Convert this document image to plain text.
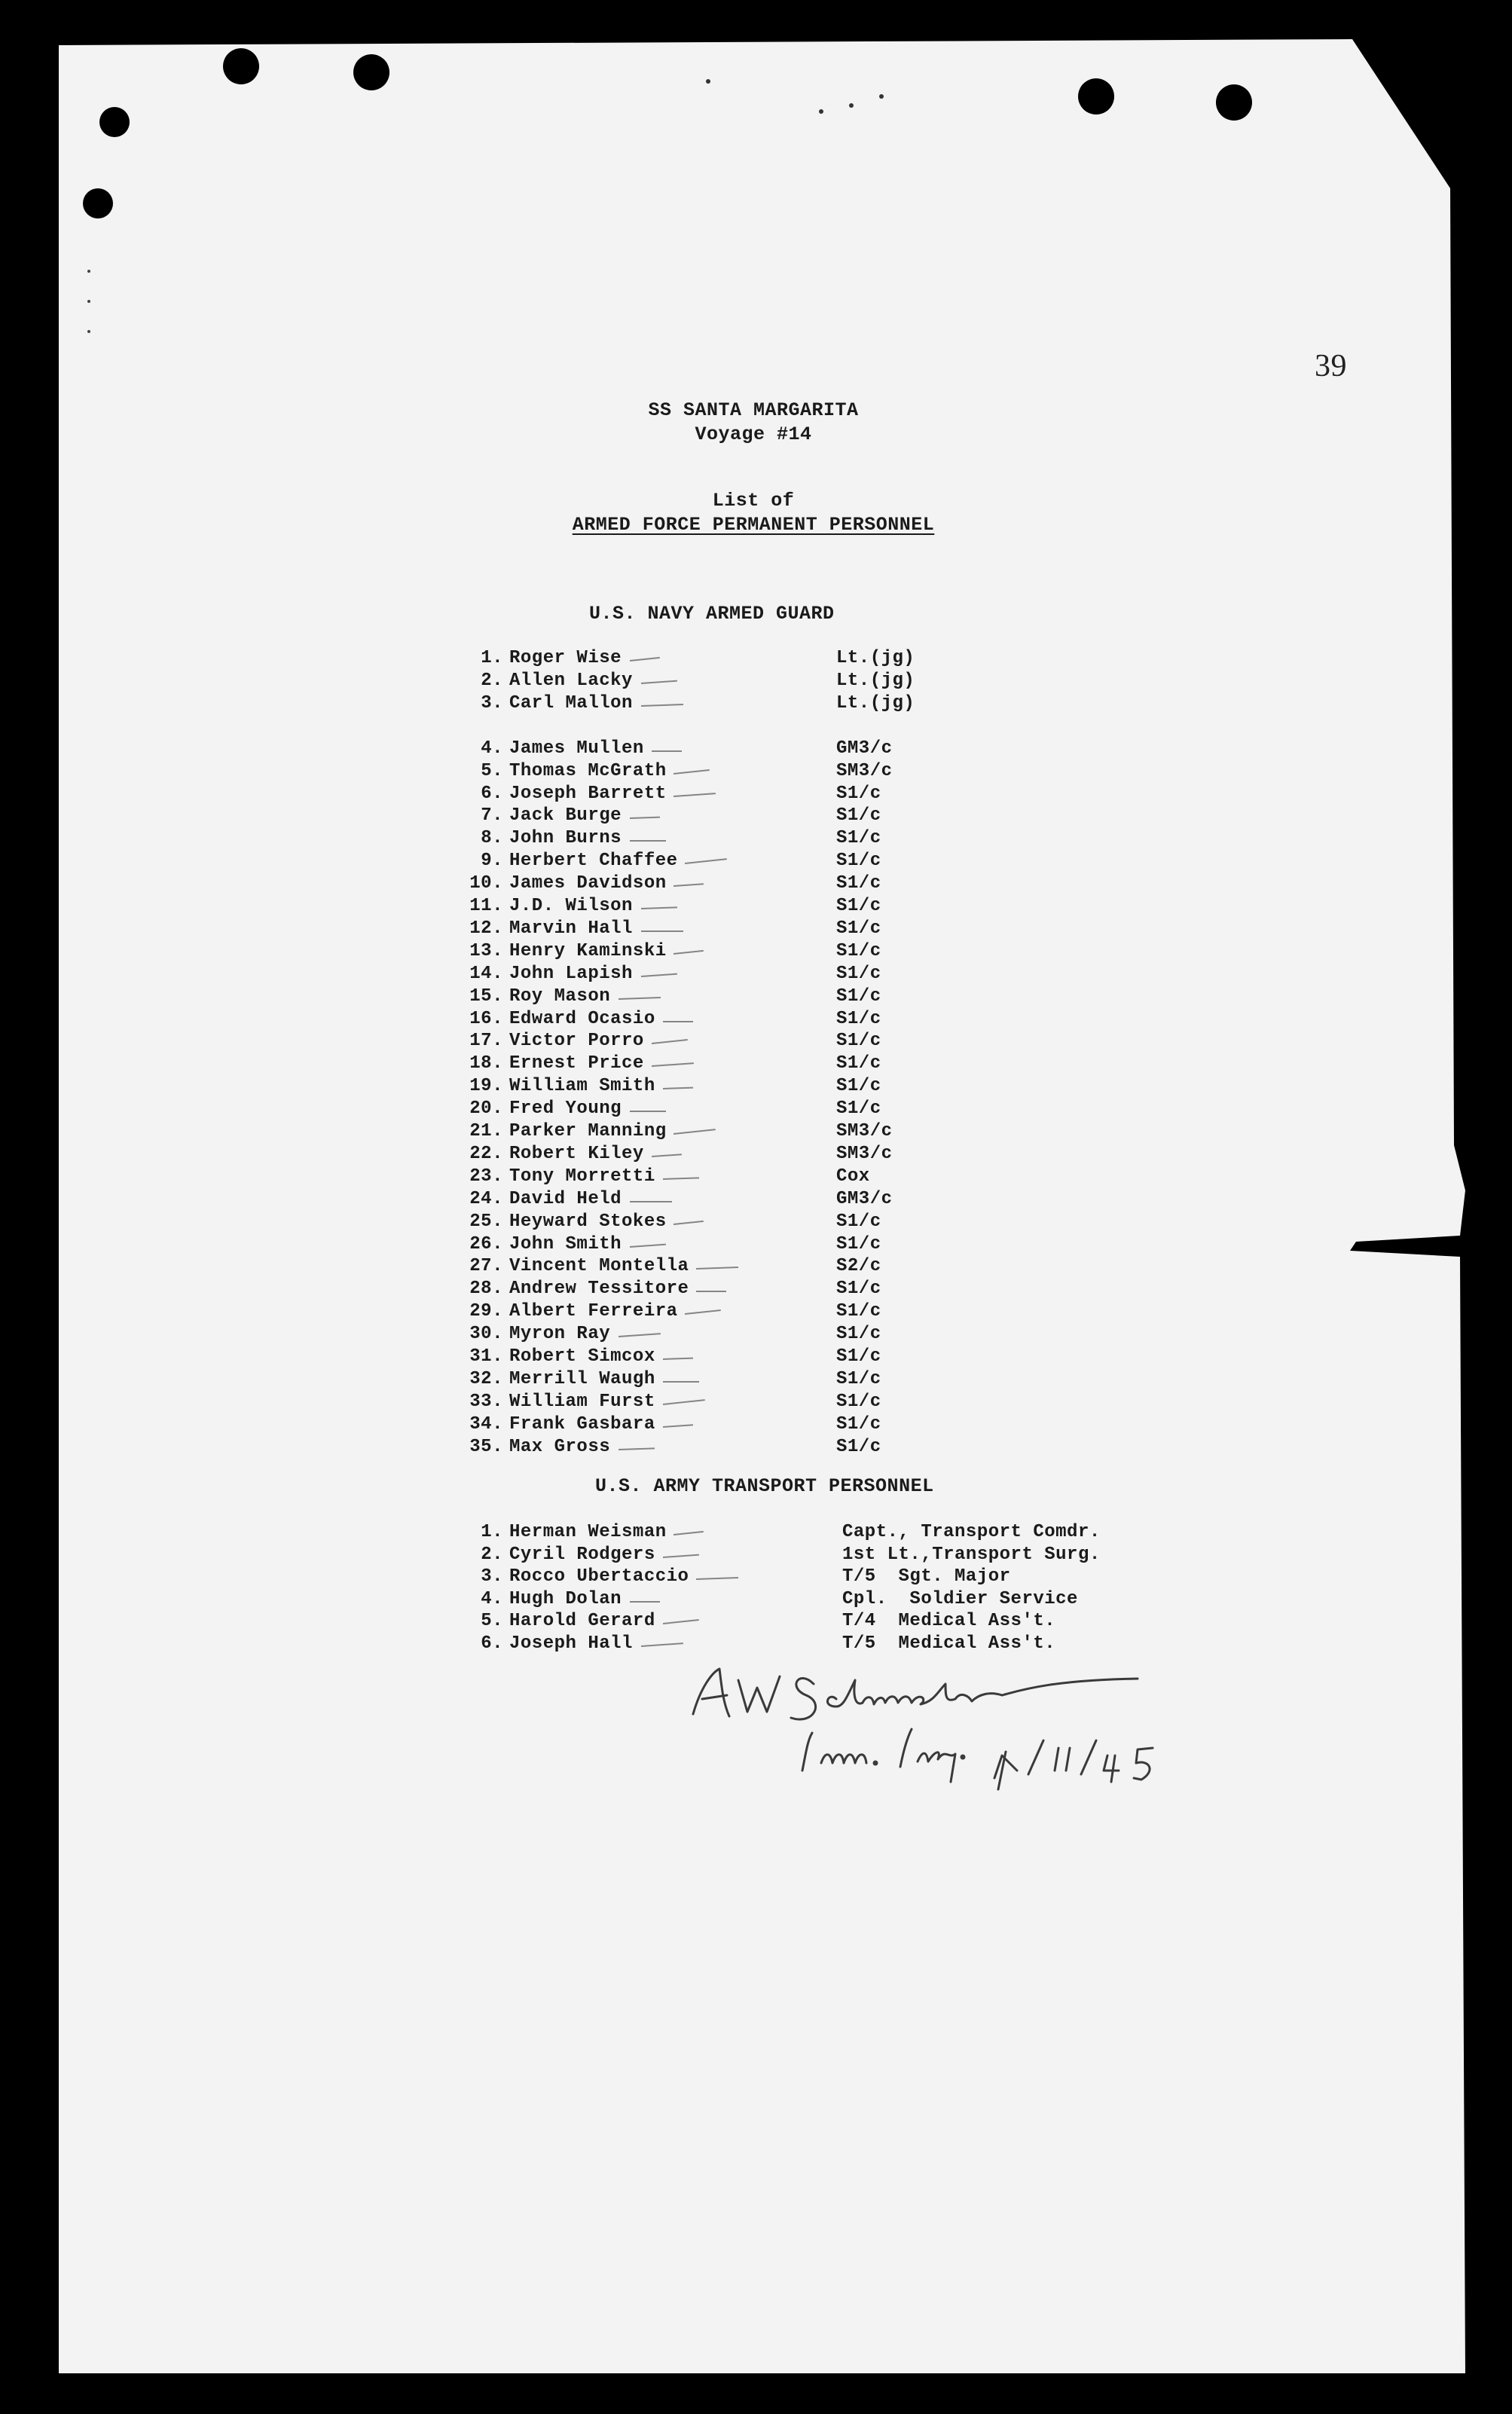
39
SS SANTA MARGARITA
Voyage #14
List of
ARMED FORCE PERMANENT PERSONNEL
U.S. NAVY ARMED GUARD
1. Roger Wise	Lt.(jg)
2. Allen Lacky	Lt.(jg)
3. Carl Mallon	Lt.(jg)
4. James Mullen	GM3/c
5. Thomas McGrath	SM3/c
6. Joseph Barrett	S1/c
7. Jack Burge	S1/c
8. John Burns	S1/c
9. Herbert Chaffee	S1/c
10. James Davidson	S1/c
11. J.D. Wilson	S1/c
12. Marvin Hall	S1/c
13. Henry Kaminski	S1/c
14. John Lapish	S1/c
15. Roy Mason	S1/c
16. Edward Ocasio	S1/c
17. Victor Porro	S1/c
18. Ernest Price	S1/c
19. William Smith	S1/c
20. Fred Young	S1/c
21. Parker Manning	SM3/c
22. Robert Kiley	SM3/c
23. Tony Morretti	Cox
24. David Held	GM3/c
25. Heyward Stokes	S1/c
26. John Smith	S1/c
27. Vincent Montella	S2/c
28. Andrew Tessitore	S1/c
29. Albert Ferreira	S1/c
30. Myron Ray	S1/c
31. Robert Simcox	S1/c
32. Merrill Waugh	S1/c
33. William Furst	S1/c
34. Frank Gasbara	S1/c
35. Max Gross	S1/c
U.S. ARMY TRANSPORT PERSONNEL
1. Herman Weisman	Capt., Transport Comdr.
2. Cyril Rodgers	1st Lt.,Transport Surg.
3. Rocco Ubertaccio	T/5  Sgt. Major
4. Hugh Dolan	Cpl.  Soldier Service
5. Harold Gerard	T/4  Medical Ass't.
6. Joseph Hall	T/5  Medical Ass't.
